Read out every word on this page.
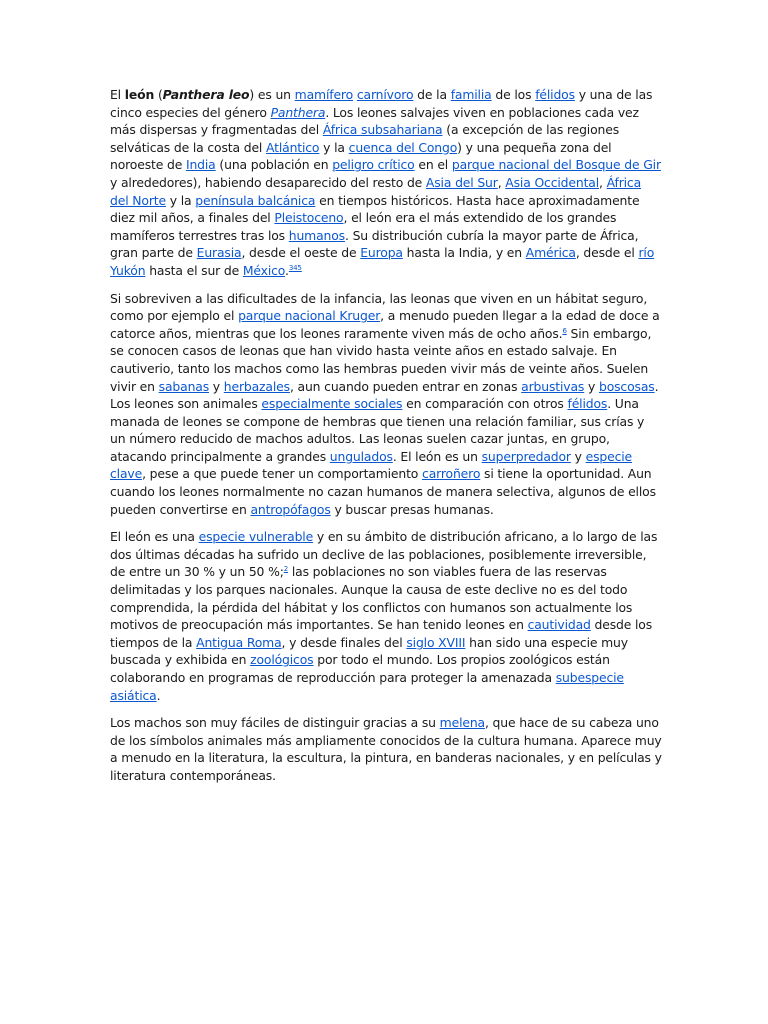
El león (Panthera leo) es un mamífero carnívoro de la familia de los félidos y una de las cinco especies del género Panthera. Los leones salvajes viven en poblaciones cada vez más dispersas y fragmentadas del África subsahariana (a excepción de las regiones selváticas de la costa del Atlántico y la cuenca del Congo) y una pequeña zona del noroeste de India (una población en peligro crítico en el parque nacional del Bosque de Gir y alrededores), habiendo desaparecido del resto de Asia del Sur, Asia Occidental, África del Norte y la península balcánica en tiempos históricos. Hasta hace aproximadamente diez mil años, a finales del Pleistoceno, el león era el más extendido de los grandes mamíferos terrestres tras los humanos. Su distribución cubría la mayor parte de África, gran parte de Eurasia, desde el oeste de Europa hasta la India, y en América, desde el río Yukón hasta el sur de México.$^{345}$

Si sobreviven a las dificultades de la infancia, las leonas que viven en un hábitat seguro, como por ejemplo el parque nacional Kruger, a menudo pueden llegar a la edad de doce a catorce años, mientras que los leones raramente viven más de ocho años.$^6$ Sin embargo, se conocen casos de leonas que han vivido hasta veinte años en estado salvaje. En cautiverio, tanto los machos como las hembras pueden vivir más de veinte años. Suelen vivir en sabanas y herbazales, aun cuando pueden entrar en zonas arbustivas y boscosas. Los leones son animales especialmente sociales en comparación con otros félidos. Una manada de leones se compone de hembras que tienen una relación familiar, sus crías y un número reducido de machos adultos. Las leonas suelen cazar juntas, en grupo, atacando principalmente a grandes ungulados. El león es un superpredador y especie clave, pese a que puede tener un comportamiento carroñero si tiene la oportunidad. Aun cuando los leones normalmente no cazan humanos de manera selectiva, algunos de ellos pueden convertirse en antropófagos y buscar presas humanas.

El león es una especie vulnerable y en su ámbito de distribución africano, a lo largo de las dos últimas décadas ha sufrido un declive de las poblaciones, posiblemente irreversible, de entre un 30 % y un 50 %;$^2$ las poblaciones no son viables fuera de las reservas delimitadas y los parques nacionales. Aunque la causa de este declive no es del todo comprendida, la pérdida del hábitat y los conflictos con humanos son actualmente los motivos de preocupación más importantes. Se han tenido leones en cautividad desde los tiempos de la Antigua Roma, y desde finales del siglo XVIII han sido una especie muy buscada y exhibida en zoológicos por todo el mundo. Los propios zoológicos están colaborando en programas de reproducción para proteger la amenazada subespecie asiática.

Los machos son muy fáciles de distinguir gracias a su melena, que hace de su cabeza uno de los símbolos animales más ampliamente conocidos de la cultura humana. Aparece muy a menudo en la literatura, la escultura, la pintura, en banderas nacionales, y en películas y literatura contemporáneas.
